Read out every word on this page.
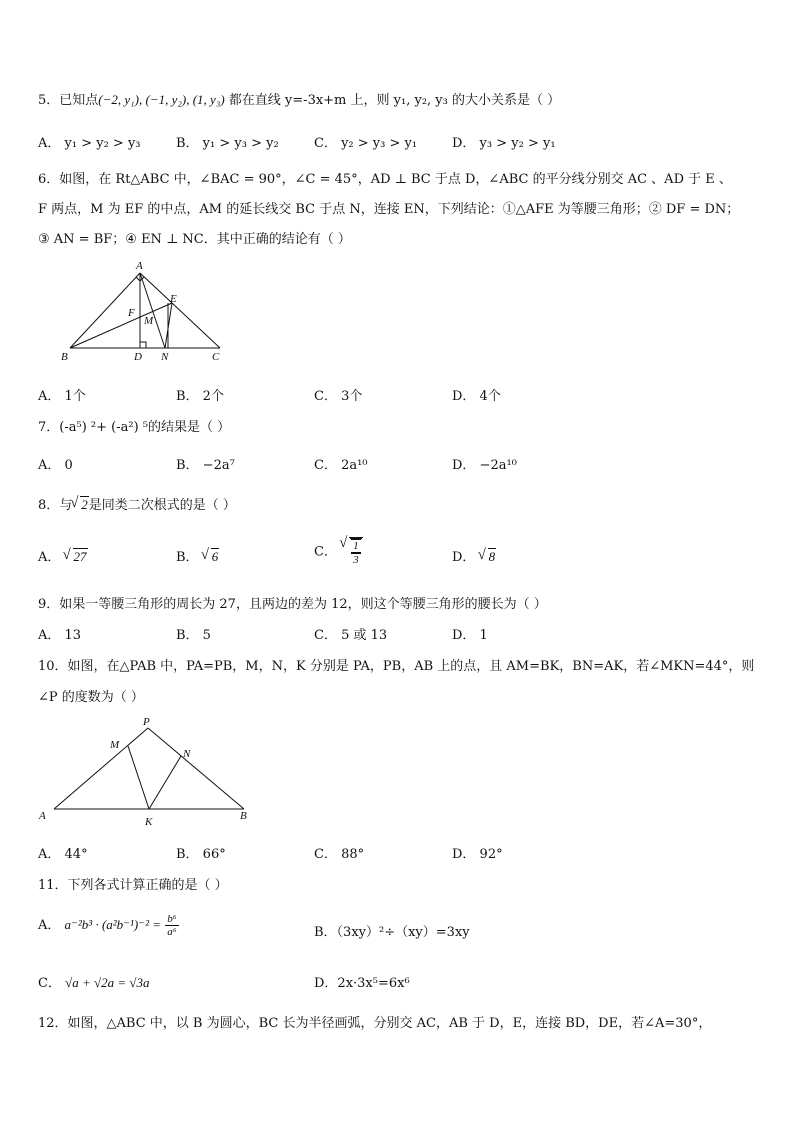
5．已知点(−2, y₁), (−1, y₂), (1, y₃) 都在直线 y=-3x+m 上，则 y₁, y₂, y₃ 的大小关系是（ ）
A． y₁ > y₂ > y₃	B． y₁ > y₃ > y₂	C． y₂ > y₃ > y₁	D． y₃ > y₂ > y₁
6．如图，在 Rt△ABC 中，∠BAC = 90°，∠C = 45°，AD ⊥ BC 于点 D，∠ABC 的平分线分别交 AC 、AD 于 E 、
F 两点，M 为 EF 的中点，AM 的延长线交 BC 于点 N，连接 EN，下列结论：①△AFE 为等腰三角形；② DF = DN；
③ AN = BF；④ EN ⊥ NC．其中正确的结论有（ ）
A
E
F
M
B	D N	C
A． 1个	B． 2个	C． 3个	D． 4个
7．(-a⁵) ²+ (-a²) ⁵的结果是（ ）
A． 0	B． −2a⁷	C． 2a¹⁰	D． −2a¹⁰
8．与 √ 2是同类二次根式的是（ ）
A． √ 27	B． √ 6	C． √ $\frac{1}{3}$	D． √ 8
9．如果一等腰三角形的周长为 27，且两边的差为 12，则这个等腰三角形的腰长为（ ）
A． 13	B． 5	C． 5 或 13	D． 1
10．如图，在△PAB 中，PA=PB，M，N，K 分别是 PA，PB，AB 上的点，且 AM=BK，BN=AK，若∠MKN=44°，则
∠P 的度数为（ ）
P
M
N
A	K	B
A． 44°	B． 66°	C． 88°	D． 92°
11．下列各式计算正确的是（ ）
A． $a^{-2}b^3 \cdot (a^2b^{-1})^{-2} = \frac{\text{b⁶}}{\text{a⁶}}$	B．（3xy）²÷（xy）=3xy
C． √a + √2a = √3a	D．2x·3x⁵=6x⁶
12．如图，△ABC 中，以 B 为圆心，BC 长为半径画弧，分别交 AC，AB 于 D，E，连接 BD，DE，若∠A=30°，
